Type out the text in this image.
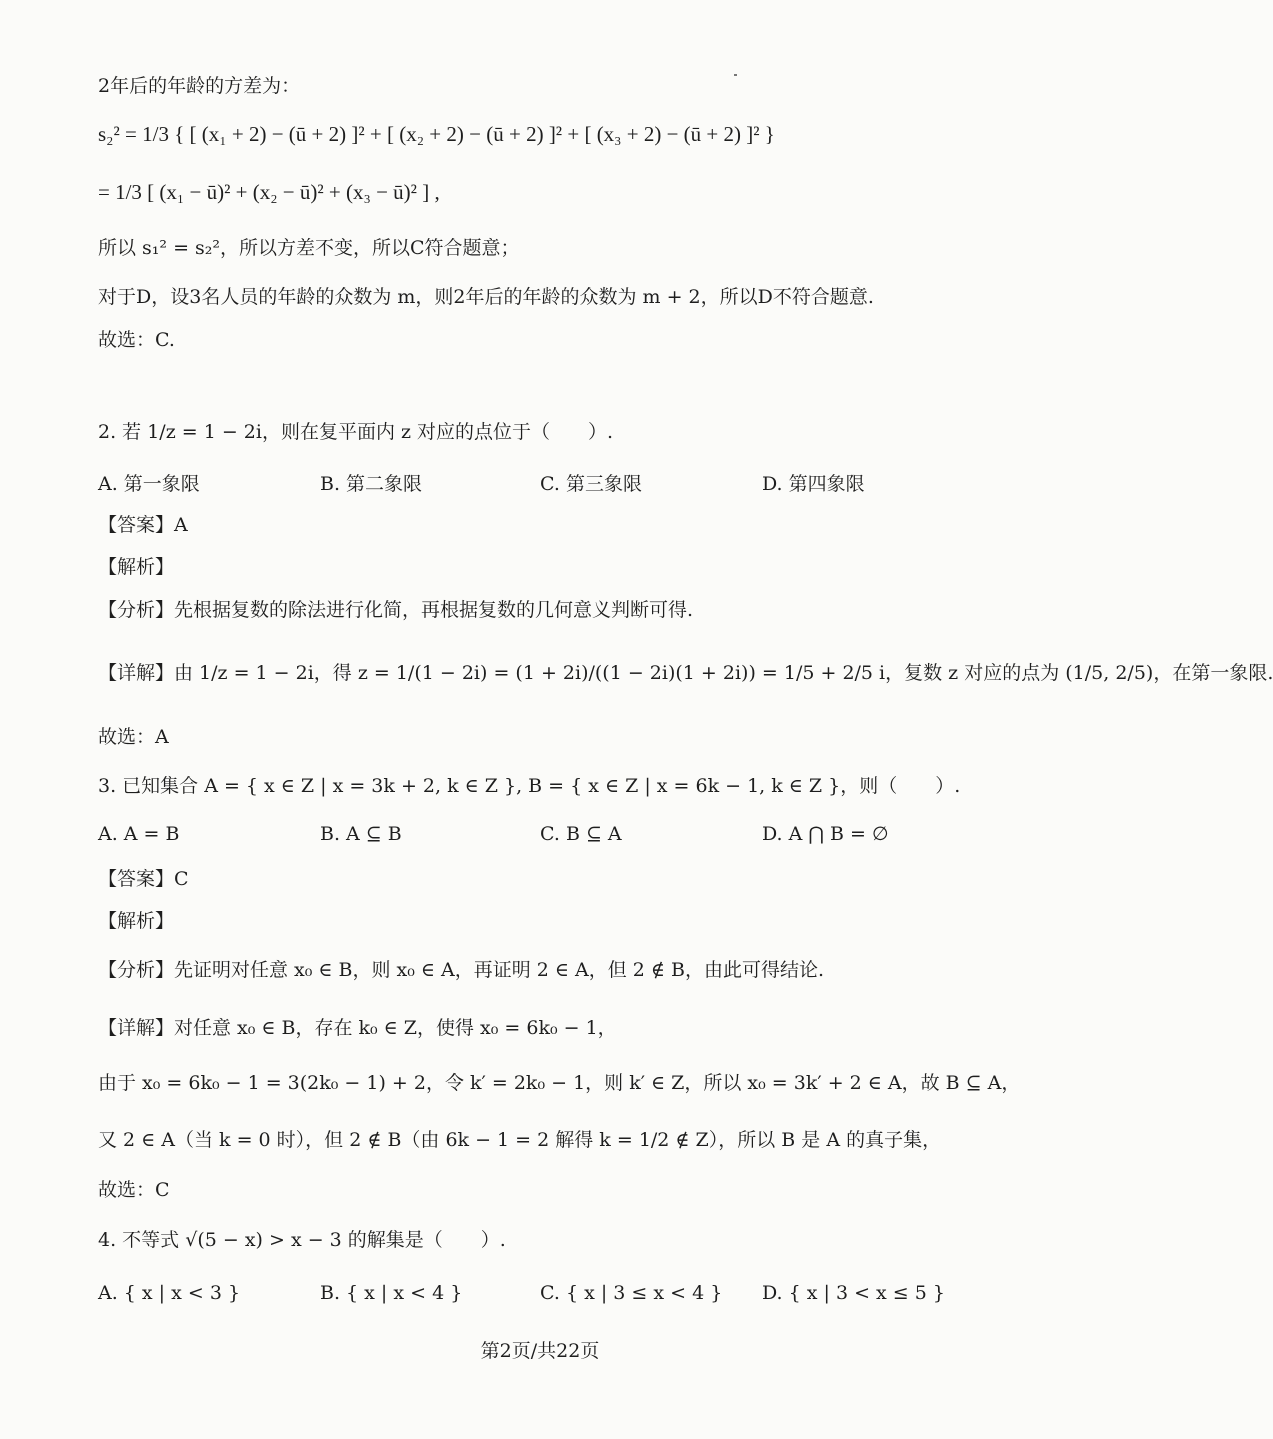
2年后的年龄的方差为：
s₂² = 1/3 { [ (x₁ + 2) − (ū + 2) ]² + [ (x₂ + 2) − (ū + 2) ]² + [ (x₃ + 2) − (ū + 2) ]² }
= 1/3 [ (x₁ − ū)² + (x₂ − ū)² + (x₃ − ū)² ] ,
所以 s₁² = s₂²，所以方差不变，所以C符合题意；
对于D，设3名人员的年龄的众数为 m，则2年后的年龄的众数为 m + 2，所以D不符合题意.
故选：C.
2. 若 1/z = 1 − 2i，则在复平面内 z 对应的点位于（　　）.
A. 第一象限	B. 第二象限	C. 第三象限	D. 第四象限
【答案】A
【解析】
【分析】先根据复数的除法进行化简，再根据复数的几何意义判断可得.
【详解】由 1/z = 1 − 2i，得 z = 1/(1 − 2i) = (1 + 2i)/((1 − 2i)(1 + 2i)) = 1/5 + 2/5 i，复数 z 对应的点为 (1/5, 2/5)，在第一象限.
故选：A
3. 已知集合 A = { x ∈ Z | x = 3k + 2, k ∈ Z }, B = { x ∈ Z | x = 6k − 1, k ∈ Z }，则（　　）.
A. A = B	B. A ⊆ B	C. B ⊆ A	D. A ⋂ B = ∅
【答案】C
【解析】
【分析】先证明对任意 x₀ ∈ B，则 x₀ ∈ A，再证明 2 ∈ A，但 2 ∉ B，由此可得结论.
【详解】对任意 x₀ ∈ B，存在 k₀ ∈ Z，使得 x₀ = 6k₀ − 1，
由于 x₀ = 6k₀ − 1 = 3(2k₀ − 1) + 2，令 k′ = 2k₀ − 1，则 k′ ∈ Z，所以 x₀ = 3k′ + 2 ∈ A，故 B ⊆ A，
又 2 ∈ A（当 k = 0 时），但 2 ∉ B（由 6k − 1 = 2 解得 k = 1/2 ∉ Z），所以 B 是 A 的真子集，
故选：C
4. 不等式 √(5 − x) > x − 3 的解集是（　　）.
A. { x | x < 3 }	B. { x | x < 4 }	C. { x | 3 ≤ x < 4 } D. { x | 3 < x ≤ 5 }
第2页/共22页
